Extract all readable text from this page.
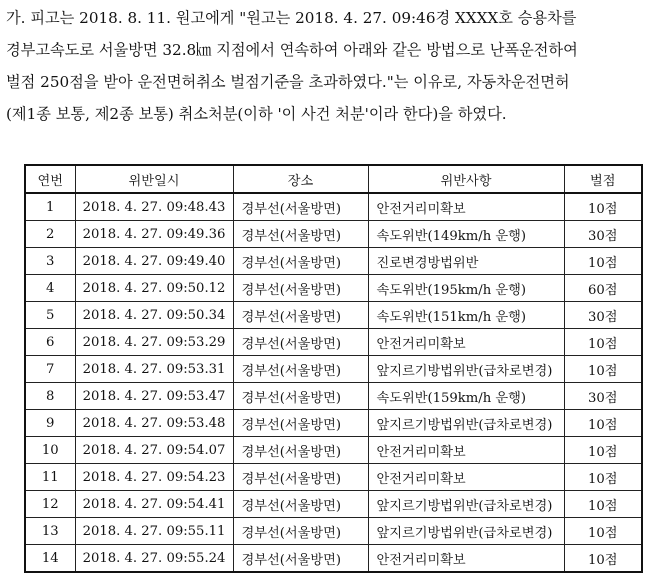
가. 피고는 2018. 8. 11. 원고에게 "원고는 2018. 4. 27. 09:46경 XXXX호 승용차를
경부고속도로 서울방면 32.8㎞ 지점에서 연속하여 아래와 같은 방법으로 난폭운전하여
벌점 250점을 받아 운전면허취소 벌점기준을 초과하였다."는 이유로, 자동차운전면허
(제1종 보통, 제2종 보통) 취소처분(이하 '이 사건 처분'이라 한다)을 하였다.
연번	위반일시	장소	위반사항	벌점
1	2018. 4. 27. 09:48.43	경부선(서울방면)	안전거리미확보	10점
2	2018. 4. 27. 09:49.36	경부선(서울방면)	속도위반(149km/h 운행)	30점
3	2018. 4. 27. 09:49.40	경부선(서울방면)	진로변경방법위반	10점
4	2018. 4. 27. 09:50.12	경부선(서울방면)	속도위반(195km/h 운행)	60점
5	2018. 4. 27. 09:50.34	경부선(서울방면)	속도위반(151km/h 운행)	30점
6	2018. 4. 27. 09:53.29	경부선(서울방면)	안전거리미확보	10점
7	2018. 4. 27. 09:53.31	경부선(서울방면)	앞지르기방법위반(급차로변경)	10점
8	2018. 4. 27. 09:53.47	경부선(서울방면)	속도위반(159km/h 운행)	30점
9	2018. 4. 27. 09:53.48	경부선(서울방면)	앞지르기방법위반(급차로변경)	10점
10	2018. 4. 27. 09:54.07	경부선(서울방면)	안전거리미확보	10점
11	2018. 4. 27. 09:54.23	경부선(서울방면)	안전거리미확보	10점
12	2018. 4. 27. 09:54.41	경부선(서울방면)	앞지르기방법위반(급차로변경)	10점
13	2018. 4. 27. 09:55.11	경부선(서울방면)	앞지르기방법위반(급차로변경)	10점
14	2018. 4. 27. 09:55.24	경부선(서울방면)	안전거리미확보	10점
